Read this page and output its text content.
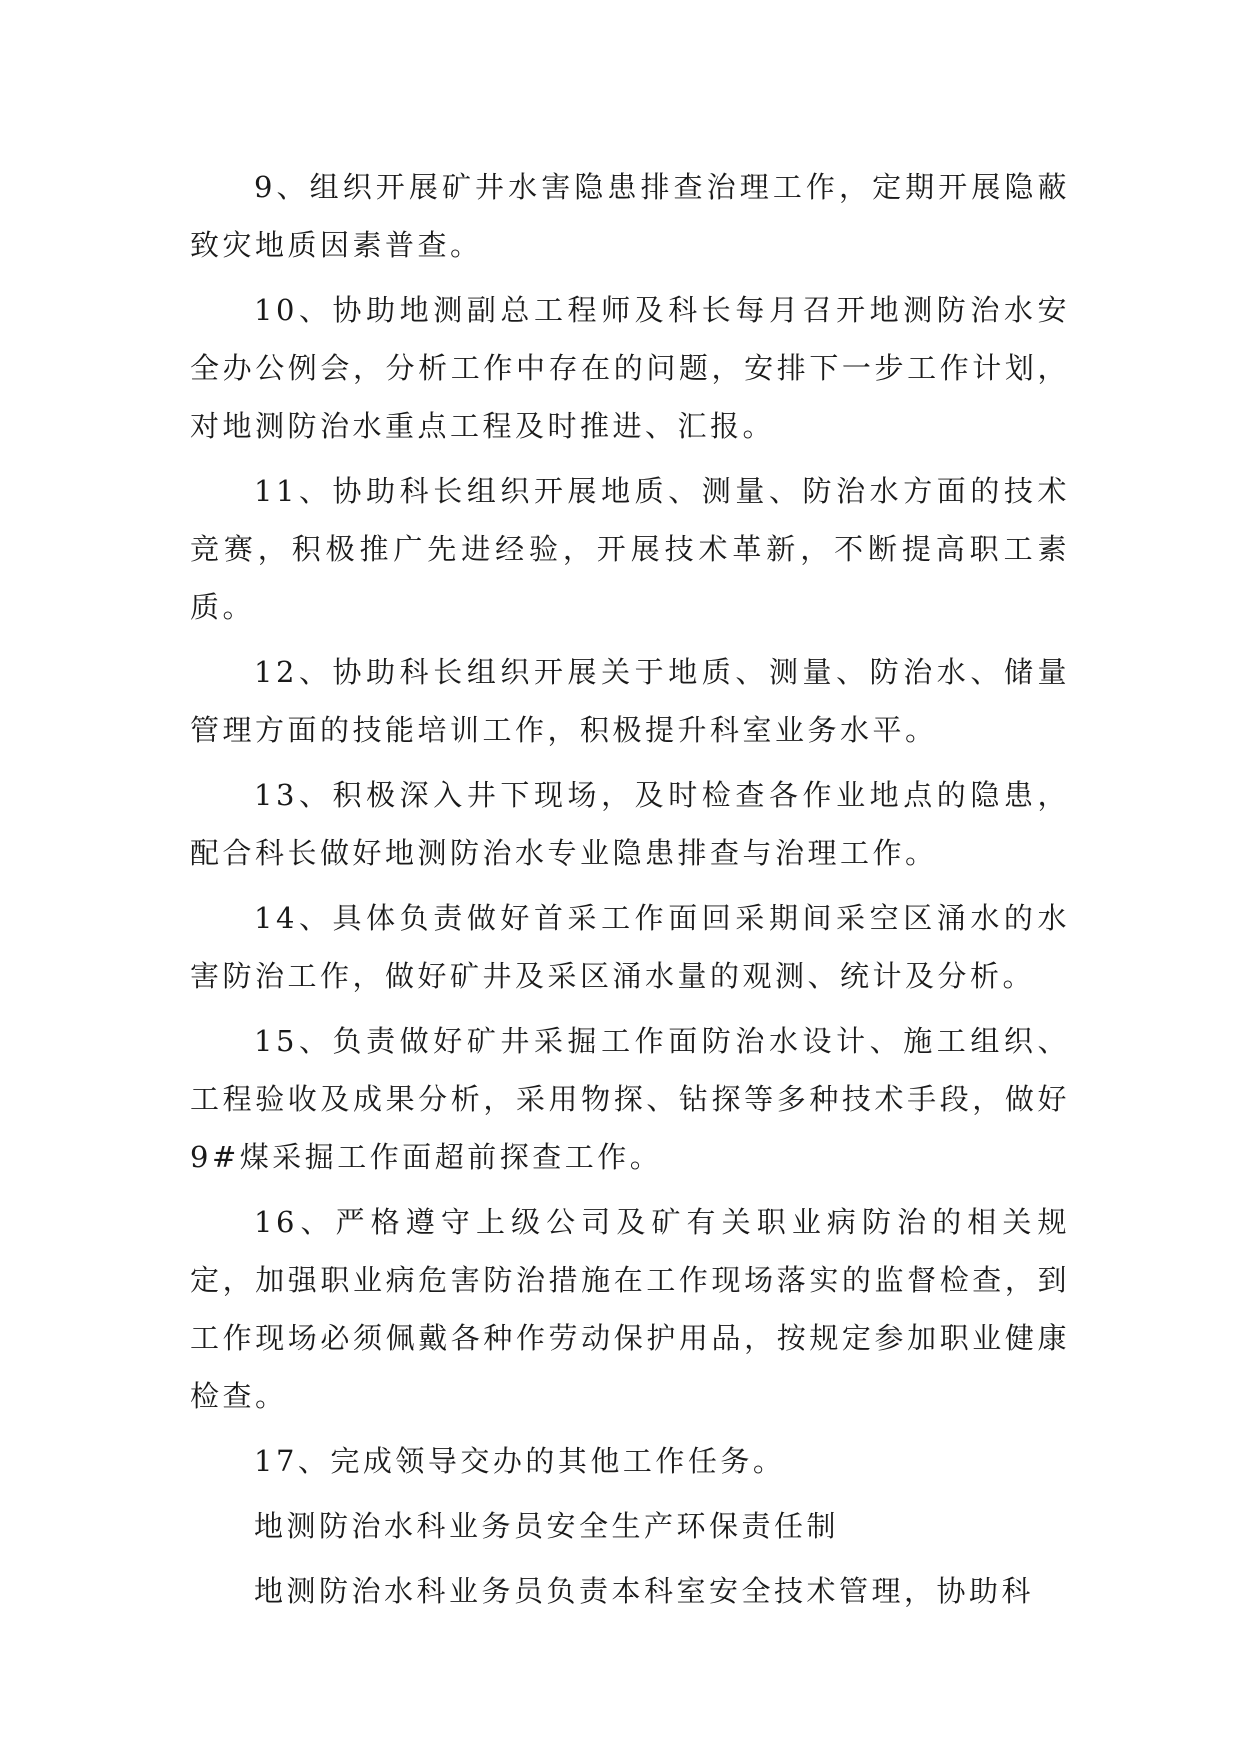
9、组织开展矿井水害隐患排查治理工作，定期开展隐蔽致灾地质因素普查。

10、协助地测副总工程师及科长每月召开地测防治水安全办公例会，分析工作中存在的问题，安排下一步工作计划，对地测防治水重点工程及时推进、汇报。

11、协助科长组织开展地质、测量、防治水方面的技术竞赛，积极推广先进经验，开展技术革新，不断提高职工素质。

12、协助科长组织开展关于地质、测量、防治水、储量管理方面的技能培训工作，积极提升科室业务水平。

13、积极深入井下现场，及时检查各作业地点的隐患，配合科长做好地测防治水专业隐患排查与治理工作。

14、具体负责做好首采工作面回采期间采空区涌水的水害防治工作，做好矿井及采区涌水量的观测、统计及分析。

15、负责做好矿井采掘工作面防治水设计、施工组织、工程验收及成果分析，采用物探、钻探等多种技术手段，做好9#煤采掘工作面超前探查工作。

16、严格遵守上级公司及矿有关职业病防治的相关规定，加强职业病危害防治措施在工作现场落实的监督检查，到工作现场必须佩戴各种作劳动保护用品，按规定参加职业健康检查。

17、完成领导交办的其他工作任务。

地测防治水科业务员安全生产环保责任制

地测防治水科业务员负责本科室安全技术管理，协助科
